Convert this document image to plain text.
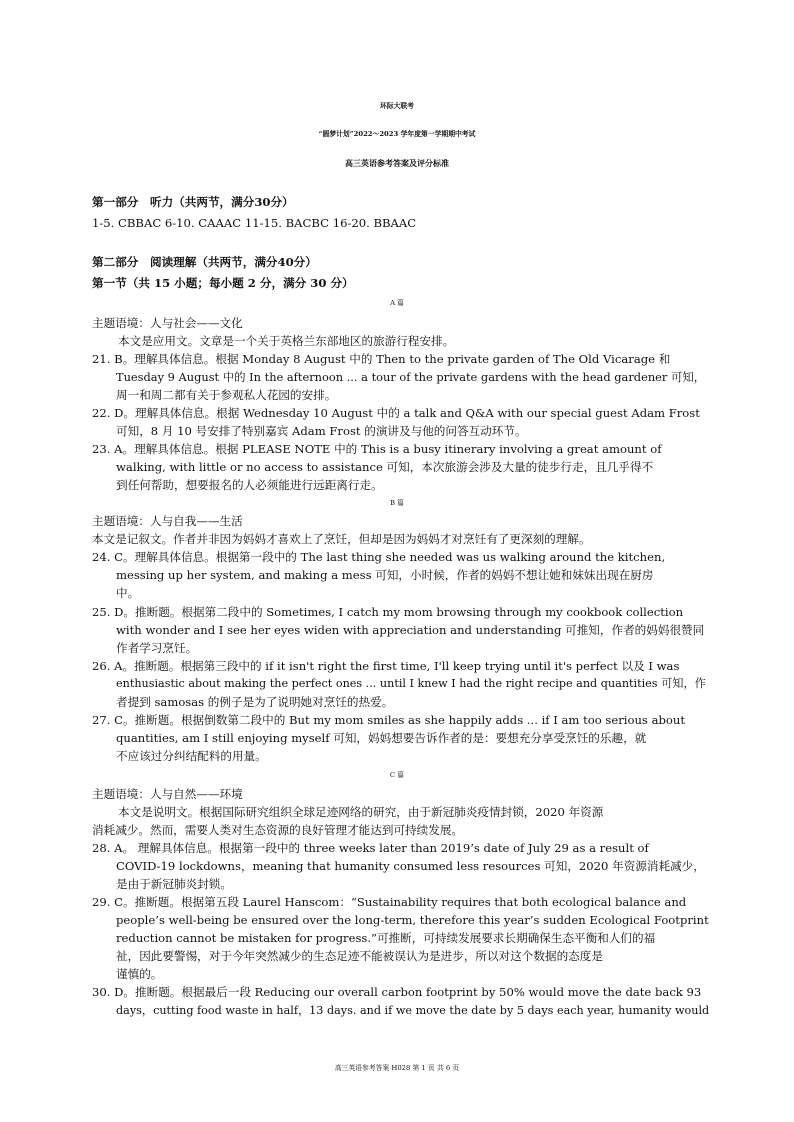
环际大联考
“圆梦计划”2022～2023 学年度第一学期期中考试
高三英语参考答案及评分标准
第一部分　听力（共两节，满分30分）
1-5. CBBAC 6-10. CAAAC 11-15. BACBC 16-20. BBAAC
第二部分　阅读理解（共两节，满分40分）
第一节（共 15 小题；每小题 2 分，满分 30 分）
A 篇
主题语境：人与社会——文化
本文是应用文。文章是一个关于英格兰东部地区的旅游行程安排。
21. B。理解具体信息。根据 Monday 8 August 中的 Then to the private garden of The Old Vicarage 和
Tuesday 9 August 中的 In the afternoon ... a tour of the private gardens with the head gardener 可知，
周一和周二都有关于参观私人花园的安排。
22. D。理解具体信息。根据 Wednesday 10 August 中的 a talk and Q&A with our special guest Adam Frost
可知，8 月 10 号安排了特别嘉宾 Adam Frost 的演讲及与他的问答互动环节。
23. A。理解具体信息。根据 PLEASE NOTE 中的 This is a busy itinerary involving a great amount of
walking, with little or no access to assistance 可知，本次旅游会涉及大量的徒步行走，且几乎得不
到任何帮助，想要报名的人必须能进行远距离行走。
B 篇
主题语境：人与自我——生活
本文是记叙文。作者并非因为妈妈才喜欢上了烹饪，但却是因为妈妈才对烹饪有了更深刻的理解。
24. C。理解具体信息。根据第一段中的 The last thing she needed was us walking around the kitchen,
messing up her system, and making a mess 可知，小时候，作者的妈妈不想让她和妹妹出现在厨房
中。
25. D。推断题。根据第二段中的 Sometimes, I catch my mom browsing through my cookbook collection
with wonder and I see her eyes widen with appreciation and understanding 可推知，作者的妈妈很赞同
作者学习烹饪。
26. A。推断题。根据第三段中的 if it isn't right the first time, I'll keep trying until it's perfect 以及 I was
enthusiastic about making the perfect ones ... until I knew I had the right recipe and quantities 可知，作
者提到 samosas 的例子是为了说明她对烹饪的热爱。
27. C。推断题。根据倒数第二段中的 But my mom smiles as she happily adds ... if I am too serious about
quantities, am I still enjoying myself 可知，妈妈想要告诉作者的是：要想充分享受烹饪的乐趣，就
不应该过分纠结配料的用量。
C 篇
主题语境：人与自然——环境
本文是说明文。根据国际研究组织全球足迹网络的研究，由于新冠肺炎疫情封锁，2020 年资源
消耗减少。然而，需要人类对生态资源的良好管理才能达到可持续发展。
28. A。 理解具体信息。根据第一段中的 three weeks later than 2019’s date of July 29 as a result of
COVID-19 lockdowns，meaning that humanity consumed less resources 可知，2020 年资源消耗减少，
是由于新冠肺炎封锁。
29. C。推断题。根据第五段 Laurel Hanscom：“Sustainability requires that both ecological balance and
people’s well-being be ensured over the long-term, therefore this year’s sudden Ecological Footprint
reduction cannot be mistaken for progress.”可推断，可持续发展要求长期确保生态平衡和人们的福
祉，因此要警惕，对于今年突然减少的生态足迹不能被误认为是进步，所以对这个数据的态度是
谨慎的。
30. D。推断题。根据最后一段 Reducing our overall carbon footprint by 50% would move the date back 93
days，cutting food waste in half，13 days. and if we move the date by 5 days each year, humanity would
高三英语参考答案 H028 第 1 页 共 6 页
